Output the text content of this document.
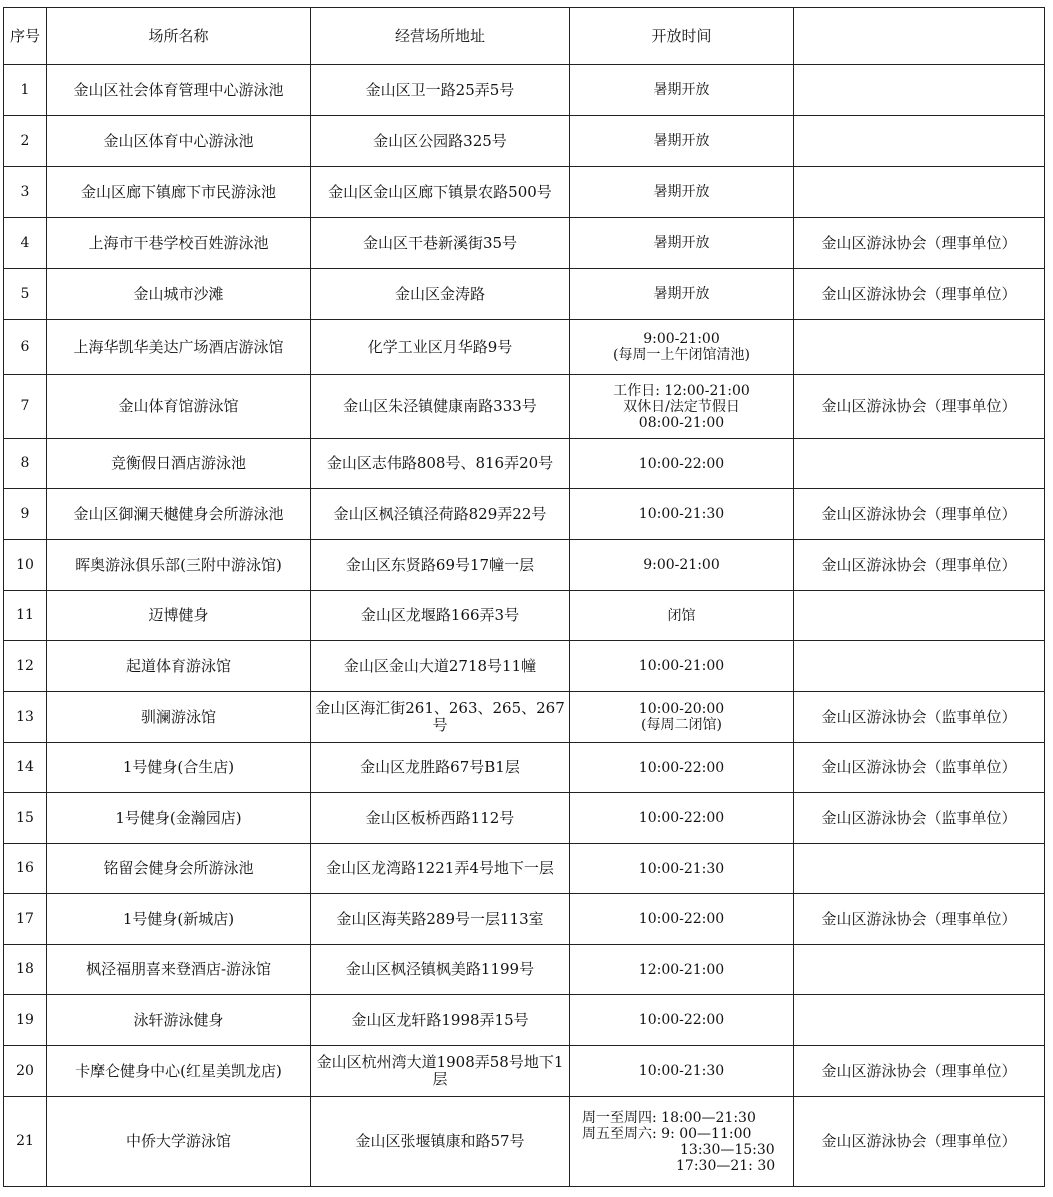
序号	场所名称	经营场所地址	开放时间	
1	金山区社会体育管理中心游泳池	金山区卫一路25弄5号	暑期开放	

2	金山区体育中心游泳池	金山区公园路325号	暑期开放	

3	金山区廊下镇廊下市民游泳池	金山区金山区廊下镇景农路500号	暑期开放	

4	上海市干巷学校百姓游泳池	金山区干巷新溪街35号	暑期开放	金山区游泳协会（理事单位）
5	金山城市沙滩	金山区金涛路	暑期开放	金山区游泳协会（理事单位）
6	上海华凯华美达广场酒店游泳馆	化学工业区月华路9号	9:00-21:00
(每周一上午闭馆清池)	

7	金山体育馆游泳馆	金山区朱泾镇健康南路333号	工作日: 12:00-21:00
双休日/法定节假日
08:00-21:00	金山区游泳协会（理事单位）
8	竞衡假日酒店游泳池	金山区志伟路808号、816弄20号	10:00-22:00	

9	金山区御澜天樾健身会所游泳池	金山区枫泾镇泾荷路829弄22号	10:00-21:30	金山区游泳协会（理事单位）
10	晖奥游泳俱乐部(三附中游泳馆)	金山区东贤路69号17幢一层	9:00-21:00	金山区游泳协会（理事单位）
11	迈博健身	金山区龙堰路166弄3号	闭馆	

12	起道体育游泳馆	金山区金山大道2718号11幢	10:00-21:00	

13	驯澜游泳馆	金山区海汇街261、263、265、267号	10:00-20:00
(每周二闭馆)	金山区游泳协会（监事单位）
14	1号健身(合生店)	金山区龙胜路67号B1层	10:00-22:00	金山区游泳协会（监事单位）
15	1号健身(金瀚园店)	金山区板桥西路112号	10:00-22:00	金山区游泳协会（监事单位）
16	铭留会健身会所游泳池	金山区龙湾路1221弄4号地下一层	10:00-21:30	

17	1号健身(新城店)	金山区海芙路289号一层113室	10:00-22:00	金山区游泳协会（理事单位）
18	枫泾福朋喜来登酒店-游泳馆	金山区枫泾镇枫美路1199号	12:00-21:00	

19	泳轩游泳健身	金山区龙轩路1998弄15号	10:00-22:00	

20	卡摩仑健身中心(红星美凯龙店)	金山区杭州湾大道1908弄58号地下1层	10:00-21:30	金山区游泳协会（理事单位）
21	中侨大学游泳馆	金山区张堰镇康和路57号	周一至周四: 18:00—21:30
周五至周六: 9: 00—11:00
13:30—15:30
17:30—21: 30	金山区游泳协会（理事单位）
